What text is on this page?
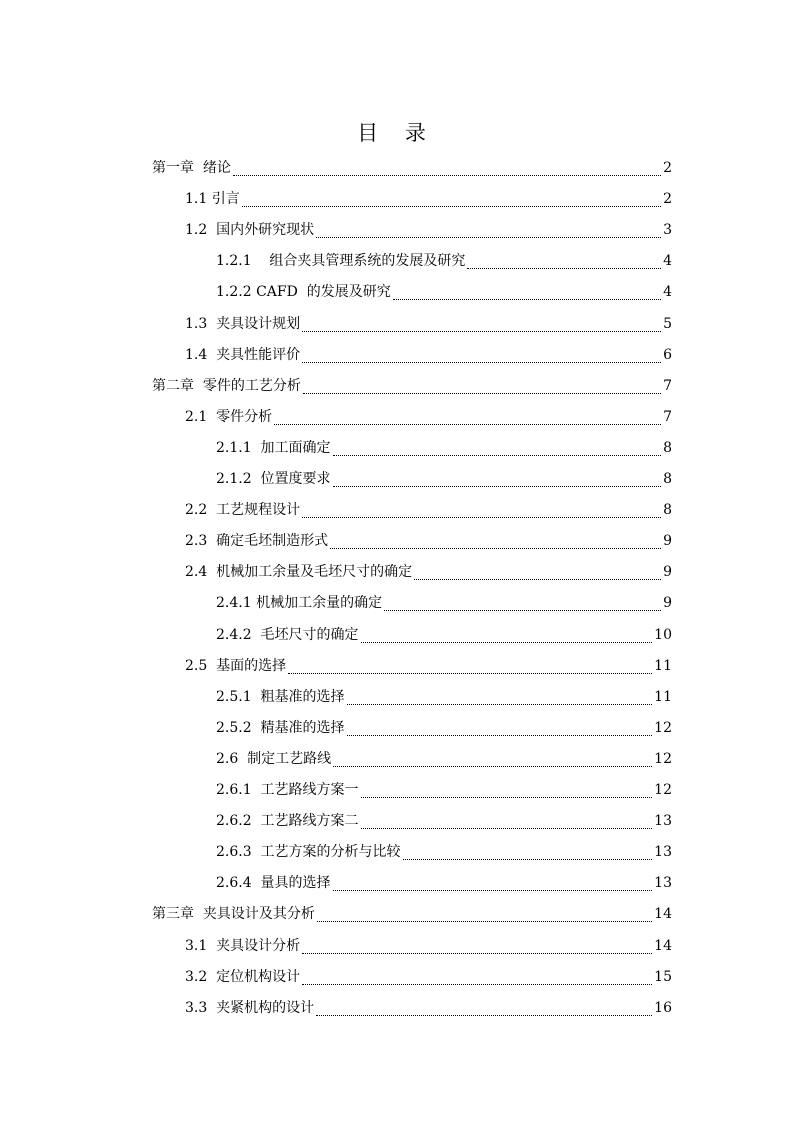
目 录
第一章  绪论	2
1.1 引言	2
1.2  国内外研究现状	3
1.2.1    组合夹具管理系统的发展及研究	4
1.2.2 CAFD  的发展及研究	4
1.3  夹具设计规划	5
1.4  夹具性能评价	6
第二章  零件的工艺分析	7
2.1  零件分析	7
2.1.1  加工面确定	8
2.1.2  位置度要求	8
2.2  工艺规程设计	8
2.3  确定毛坯制造形式	9
2.4  机械加工余量及毛坯尺寸的确定	9
2.4.1 机械加工余量的确定	9
2.4.2  毛坯尺寸的确定	10
2.5  基面的选择	11
2.5.1  粗基准的选择	11
2.5.2  精基准的选择	12
2.6  制定工艺路线	12
2.6.1  工艺路线方案一	12
2.6.2  工艺路线方案二	13
2.6.3  工艺方案的分析与比较	13
2.6.4  量具的选择	13
第三章  夹具设计及其分析	14
3.1  夹具设计分析	14
3.2  定位机构设计	15
3.3  夹紧机构的设计	16
